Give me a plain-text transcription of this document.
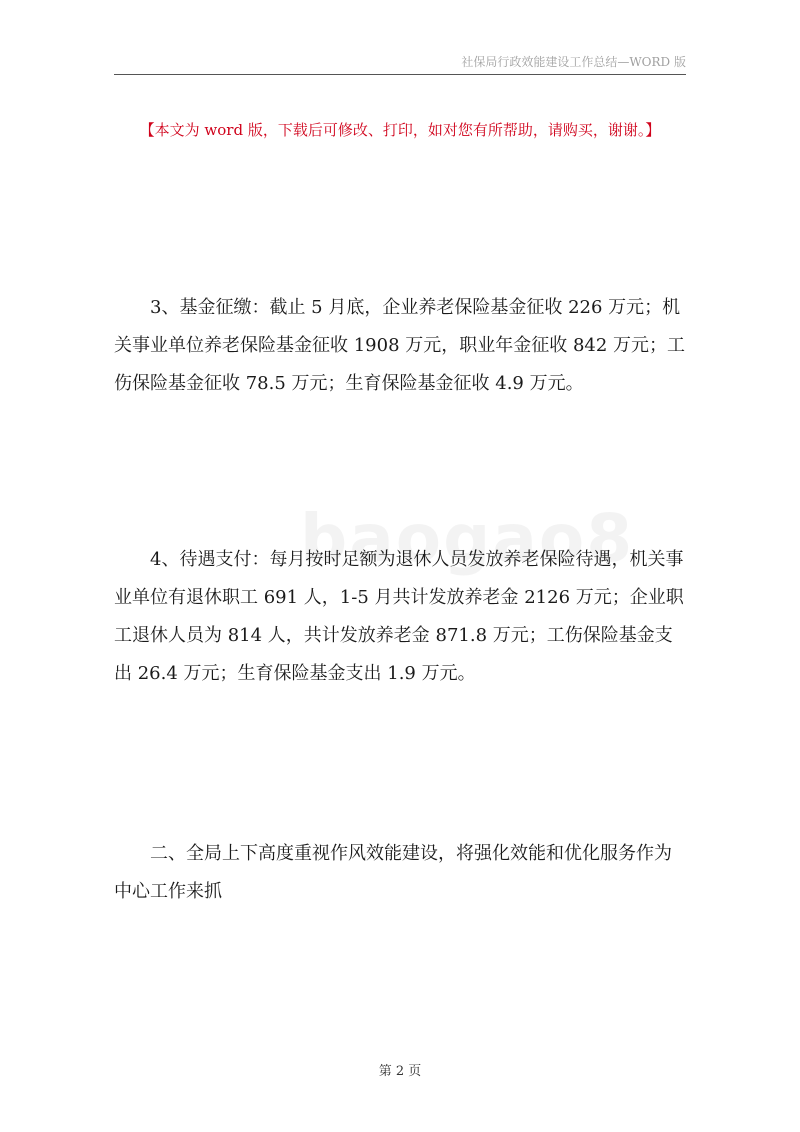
社保局行政效能建设工作总结—WORD 版
【本文为 word 版，下载后可修改、打印，如对您有所帮助，请购买，谢谢。】
3、基金征缴：截止 5 月底，企业养老保险基金征收 226 万元；机关事业单位养老保险基金征收 1908 万元，职业年金征收 842 万元；工伤保险基金征收 78.5 万元；生育保险基金征收 4.9 万元。
4、待遇支付：每月按时足额为退休人员发放养老保险待遇，机关事业单位有退休职工 691 人，1-5 月共计发放养老金 2126 万元；企业职工退休人员为 814 人，共计发放养老金 871.8 万元；工伤保险基金支出 26.4 万元；生育保险基金支出 1.9 万元。
二、全局上下高度重视作风效能建设，将强化效能和优化服务作为中心工作来抓
第 2 页
